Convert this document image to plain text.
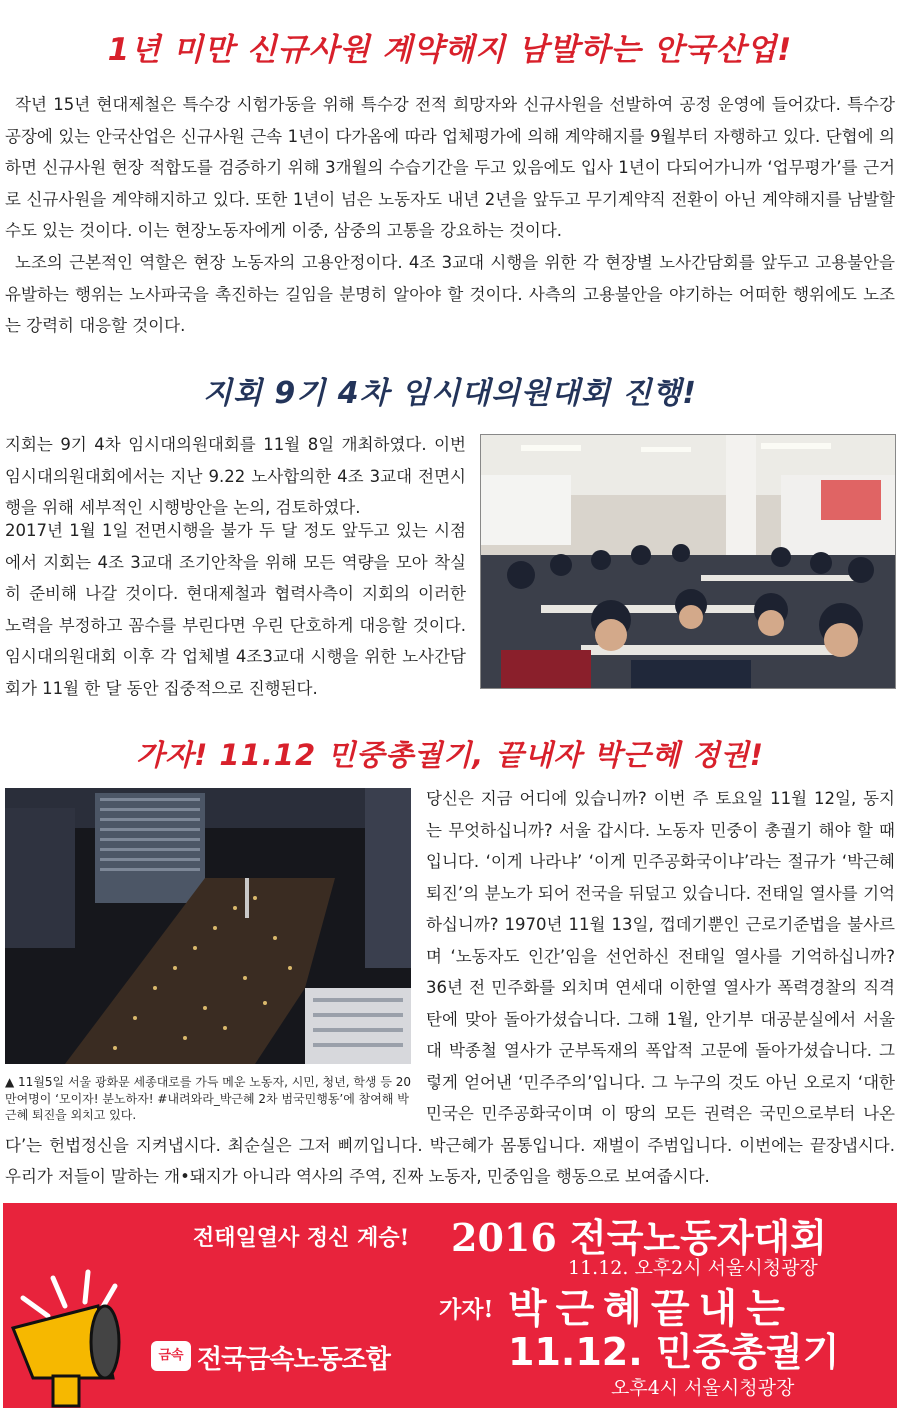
1년 미만 신규사원 계약해지 남발하는 안국산업!

작년 15년 현대제철은 특수강 시험가동을 위해 특수강 전적 희망자와 신규사원을 선발하여 공정 운영에 들어갔다. 특수강 공장에 있는 안국산업은 신규사원 근속 1년이 다가옴에 따라 업체평가에 의해 계약해지를 9월부터 자행하고 있다. 단협에 의하면 신규사원 현장 적합도를 검증하기 위해 3개월의 수습기간을 두고 있음에도 입사 1년이 다되어가니까 ‘업무평가’를 근거로 신규사원을 계약해지하고 있다. 또한 1년이 넘은 노동자도 내년 2년을 앞두고 무기계약직 전환이 아닌 계약해지를 남발할 수도 있는 것이다. 이는 현장노동자에게 이중, 삼중의 고통을 강요하는 것이다.

노조의 근본적인 역할은 현장 노동자의 고용안정이다. 4조 3교대 시행을 위한 각 현장별 노사간담회를 앞두고 고용불안을 유발하는 행위는 노사파국을 촉진하는 길임을 분명히 알아야 할 것이다. 사측의 고용불안을 야기하는 어떠한 행위에도 노조는 강력히 대응할 것이다.

지회 9기 4차 임시대의원대회 진행!

지회는 9기 4차 임시대의원대회를 11월 8일 개최하였다. 이번 임시대의원대회에서는 지난 9.22 노사합의한 4조 3교대 전면시행을 위해 세부적인 시행방안을 논의, 검토하였다.

2017년 1월 1일 전면시행을 불가 두 달 정도 앞두고 있는 시점에서 지회는 4조 3교대 조기안착을 위해 모든 역량을 모아 착실히 준비해 나갈 것이다. 현대제철과 협력사측이 지회의 이러한 노력을 부정하고 꼼수를 부린다면 우린 단호하게 대응할 것이다. 임시대의원대회 이후 각 업체별 4조3교대 시행을 위한 노사간담회가 11월 한 달 동안 집중적으로 진행된다.

가자! 11.12 민중총궐기, 끝내자 박근혜 정권!
▲ 11월5일 서울 광화문 세종대로를 가득 메운 노동자, 시민, 청년, 학생 등 20만여명이 ‘모이자! 분노하자! #내려와라_박근혜 2차 범국민행동’에 참여해 박근혜 퇴진을 외치고 있다.

당신은 지금 어디에 있습니까? 이번 주 토요일 11월 12일, 동지는 무엇하십니까? 서울 갑시다. 노동자 민중이 총궐기 해야 할 때입니다. ‘이게 나라냐’ ‘이게 민주공화국이냐’라는 절규가 ‘박근혜 퇴진’의 분노가 되어 전국을 뒤덮고 있습니다. 전태일 열사를 기억하십니까? 1970년 11월 13일, 껍데기뿐인 근로기준법을 불사르며 ‘노동자도 인간’임을 선언하신 전태일 열사를 기억하십니까? 36년 전 민주화를 외치며 연세대 이한열 열사가 폭력경찰의 직격탄에 맞아 돌아가셨습니다. 그해 1월, 안기부 대공분실에서 서울대 박종철 열사가 군부독재의 폭압적 고문에 돌아가셨습니다. 그렇게 얻어낸 ‘민주주의’입니다. 그 누구의 것도 아닌 오로지 ‘대한민국은 민주공화국이며 이 땅의 모든 권력은 국민으로부터 나온다’는 헌법정신을 지켜냅시다. 최순실은 그저 삐끼입니다. 박근혜가 몸통입니다. 재벌이 주범입니다. 이번에는 끝장냅시다. 우리가 저들이 말하는 개•돼지가 아니라 역사의 주역, 진짜 노동자, 민중임을 행동으로 보여줍시다.

전태일열사 정신 계승! 2016 전국노동자대회
11.12. 오후2시 서울시청광장
가자! 박근혜끝내는
11.12. 민중총궐기
오후4시 서울시청광장
금속 전국금속노동조합
